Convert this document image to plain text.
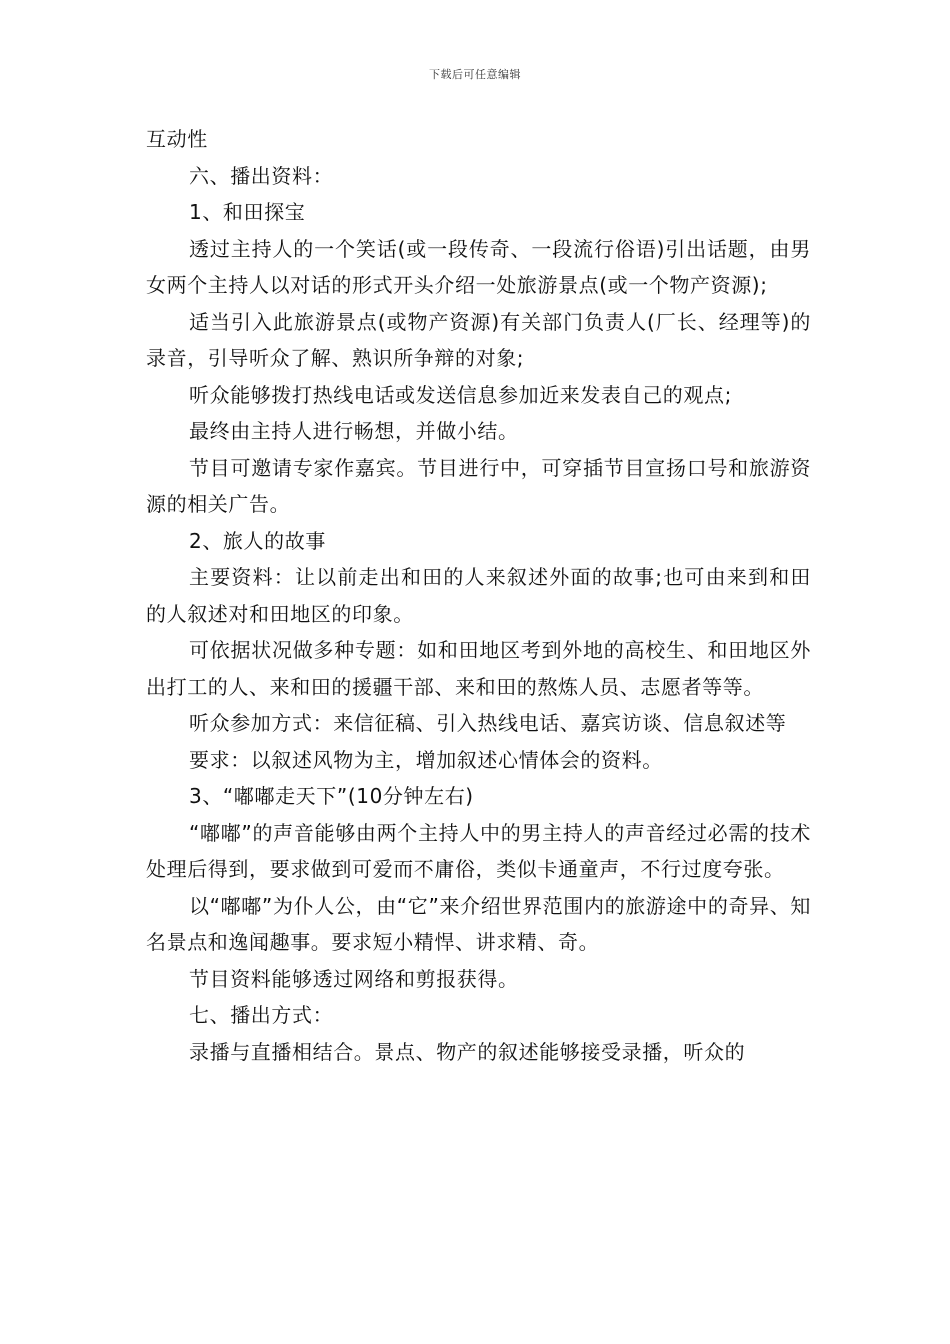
下载后可任意编辑

互动性

六、播出资料：

1、和田探宝

透过主持人的一个笑话(或一段传奇、一段流行俗语)引出话题，由男女两个主持人以对话的形式开头介绍一处旅游景点(或一个物产资源);

适当引入此旅游景点(或物产资源)有关部门负责人(厂长、经理等)的录音，引导听众了解、熟识所争辩的对象;

听众能够拨打热线电话或发送信息参加近来发表自己的观点;

最终由主持人进行畅想，并做小结。

节目可邀请专家作嘉宾。节目进行中，可穿插节目宣扬口号和旅游资源的相关广告。

2、旅人的故事

主要资料：让以前走出和田的人来叙述外面的故事;也可由来到和田的人叙述对和田地区的印象。

可依据状况做多种专题：如和田地区考到外地的高校生、和田地区外出打工的人、来和田的援疆干部、来和田的熬炼人员、志愿者等等。

听众参加方式：来信征稿、引入热线电话、嘉宾访谈、信息叙述等

要求：以叙述风物为主，增加叙述心情体会的资料。

3、“嘟嘟走天下”(10分钟左右)

“嘟嘟”的声音能够由两个主持人中的男主持人的声音经过必需的技术处理后得到，要求做到可爱而不庸俗，类似卡通童声，不行过度夸张。

以“嘟嘟”为仆人公，由“它”来介绍世界范围内的旅游途中的奇异、知名景点和逸闻趣事。要求短小精悍、讲求精、奇。

节目资料能够透过网络和剪报获得。

七、播出方式：

录播与直播相结合。景点、物产的叙述能够接受录播，听众的
